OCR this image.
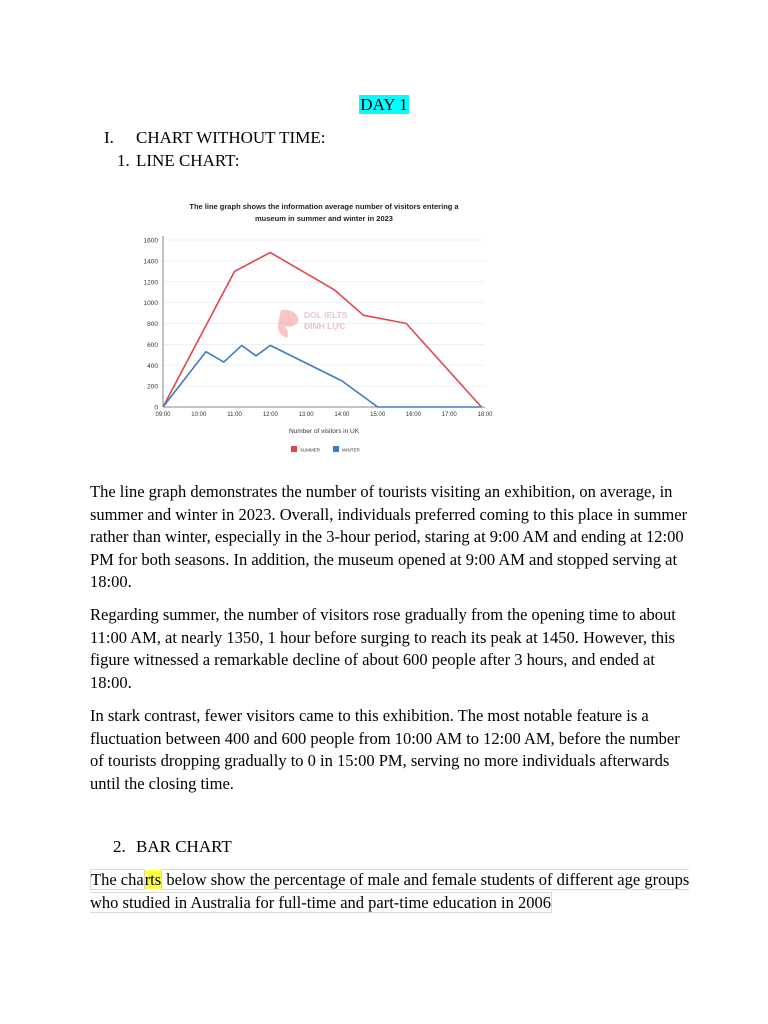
DAY 1
I. CHART WITHOUT TIME:
1. LINE CHART:
The line graph shows the information average number of visitors entering a
museum in summer and winter in 2023
0
200
400
600
800
1000
1200
1400
1600
09:00	10:00	11:00	12:00	13:00	14:00	15:00	16:00	17:00	18:00
DOL IELTS
ĐÌNH LỰC
Number of visitors in UK
SUMMER	WINTER

The line graph demonstrates the number of tourists visiting an exhibition, on average, in summer and winter in 2023. Overall, individuals preferred coming to this place in summer rather than winter, especially in the 3-hour period, staring at 9:00 AM and ending at 12:00 PM for both seasons. In addition, the museum opened at 9:00 AM and stopped serving at 18:00.

Regarding summer, the number of visitors rose gradually from the opening time to about 11:00 AM, at nearly 1350, 1 hour before surging to reach its peak at 1450. However, this figure witnessed a remarkable decline of about 600 people after 3 hours, and ended at 18:00.

In stark contrast, fewer visitors came to this exhibition. The most notable feature is a fluctuation between 400 and 600 people from 10:00 AM to 12:00 AM, before the number of tourists dropping gradually to 0 in 15:00 PM, serving no more individuals afterwards until the closing time.

2. BAR CHART

The charts below show the percentage of male and female students of different age groups who studied in Australia for full-time and part-time education in 2006
